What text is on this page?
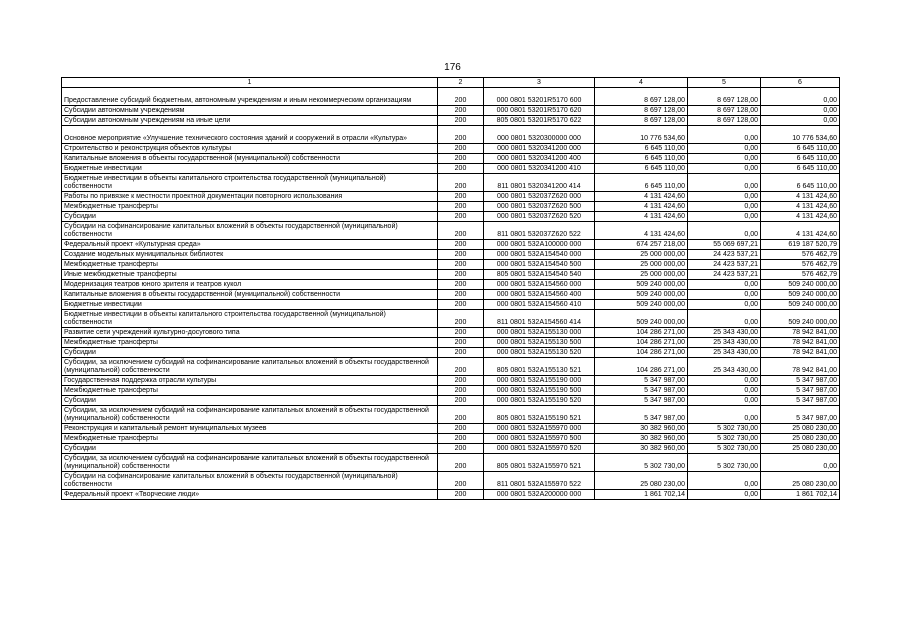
176
1	2	3	4	5	6
Предоставление субсидий бюджетным, автономным учреждениям и иным некоммерческим организациям	200	000 0801 53201R5170 600	8 697 128,00	8 697 128,00	0,00
Субсидии автономным учреждениям	200	000 0801 53201R5170 620	8 697 128,00	8 697 128,00	0,00
Субсидии автономным учреждениям на иные цели	200	805 0801 53201R5170 622	8 697 128,00	8 697 128,00	0,00
Основное мероприятие «Улучшение технического состояния зданий и сооружений в отрасли «Культура»	200	000 0801 5320300000 000	10 776 534,60	0,00	10 776 534,60
Строительство и реконструкция объектов культуры	200	000 0801 5320341200 000	6 645 110,00	0,00	6 645 110,00
Капитальные вложения в объекты государственной (муниципальной) собственности	200	000 0801 5320341200 400	6 645 110,00	0,00	6 645 110,00
Бюджетные инвестиции	200	000 0801 5320341200 410	6 645 110,00	0,00	6 645 110,00
Бюджетные инвестиции в объекты капитального строительства государственной (муниципальной) собственности	200	811 0801 5320341200 414	6 645 110,00	0,00	6 645 110,00
Работы по привязке к местности проектной документации повторного использования	200	000 0801 532037Z620 000	4 131 424,60	0,00	4 131 424,60
Межбюджетные трансферты	200	000 0801 532037Z620 500	4 131 424,60	0,00	4 131 424,60
Субсидии	200	000 0801 532037Z620 520	4 131 424,60	0,00	4 131 424,60
Субсидии на софинансирование капитальных вложений в объекты государственной (муниципальной) собственности	200	811 0801 532037Z620 522	4 131 424,60	0,00	4 131 424,60
Федеральный проект «Культурная среда»	200	000 0801 532A100000 000	674 257 218,00	55 069 697,21	619 187 520,79
Создание модельных муниципальных библиотек	200	000 0801 532A154540 000	25 000 000,00	24 423 537,21	576 462,79
Межбюджетные трансферты	200	000 0801 532A154540 500	25 000 000,00	24 423 537,21	576 462,79
Иные межбюджетные трансферты	200	805 0801 532A154540 540	25 000 000,00	24 423 537,21	576 462,79
Модернизация театров юного зрителя и театров кукол	200	000 0801 532A154560 000	509 240 000,00	0,00	509 240 000,00
Капитальные вложения в объекты государственной (муниципальной) собственности	200	000 0801 532A154560 400	509 240 000,00	0,00	509 240 000,00
Бюджетные инвестиции	200	000 0801 532A154560 410	509 240 000,00	0,00	509 240 000,00
Бюджетные инвестиции в объекты капитального строительства государственной (муниципальной) собственности	200	811 0801 532A154560 414	509 240 000,00	0,00	509 240 000,00
Развитие сети учреждений культурно-досугового типа	200	000 0801 532A155130 000	104 286 271,00	25 343 430,00	78 942 841,00
Межбюджетные трансферты	200	000 0801 532A155130 500	104 286 271,00	25 343 430,00	78 942 841,00
Субсидии	200	000 0801 532A155130 520	104 286 271,00	25 343 430,00	78 942 841,00
Субсидии, за исключением субсидий на софинансирование капитальных вложений в объекты государственной (муниципальной) собственности	200	805 0801 532A155130 521	104 286 271,00	25 343 430,00	78 942 841,00
Государственная поддержка отрасли культуры	200	000 0801 532A155190 000	5 347 987,00	0,00	5 347 987,00
Межбюджетные трансферты	200	000 0801 532A155190 500	5 347 987,00	0,00	5 347 987,00
Субсидии	200	000 0801 532A155190 520	5 347 987,00	0,00	5 347 987,00
Субсидии, за исключением субсидий на софинансирование капитальных вложений в объекты государственной (муниципальной) собственности	200	805 0801 532A155190 521	5 347 987,00	0,00	5 347 987,00
Реконструкция и капитальный ремонт муниципальных музеев	200	000 0801 532A155970 000	30 382 960,00	5 302 730,00	25 080 230,00
Межбюджетные трансферты	200	000 0801 532A155970 500	30 382 960,00	5 302 730,00	25 080 230,00
Субсидии	200	000 0801 532A155970 520	30 382 960,00	5 302 730,00	25 080 230,00
Субсидии, за исключением субсидий на софинансирование капитальных вложений в объекты государственной (муниципальной) собственности	200	805 0801 532A155970 521	5 302 730,00	5 302 730,00	0,00
Субсидии на софинансирование капитальных вложений в объекты государственной (муниципальной) собственности	200	811 0801 532A155970 522	25 080 230,00	0,00	25 080 230,00
Федеральный проект «Творческие люди»	200	000 0801 532A200000 000	1 861 702,14	0,00	1 861 702,14
